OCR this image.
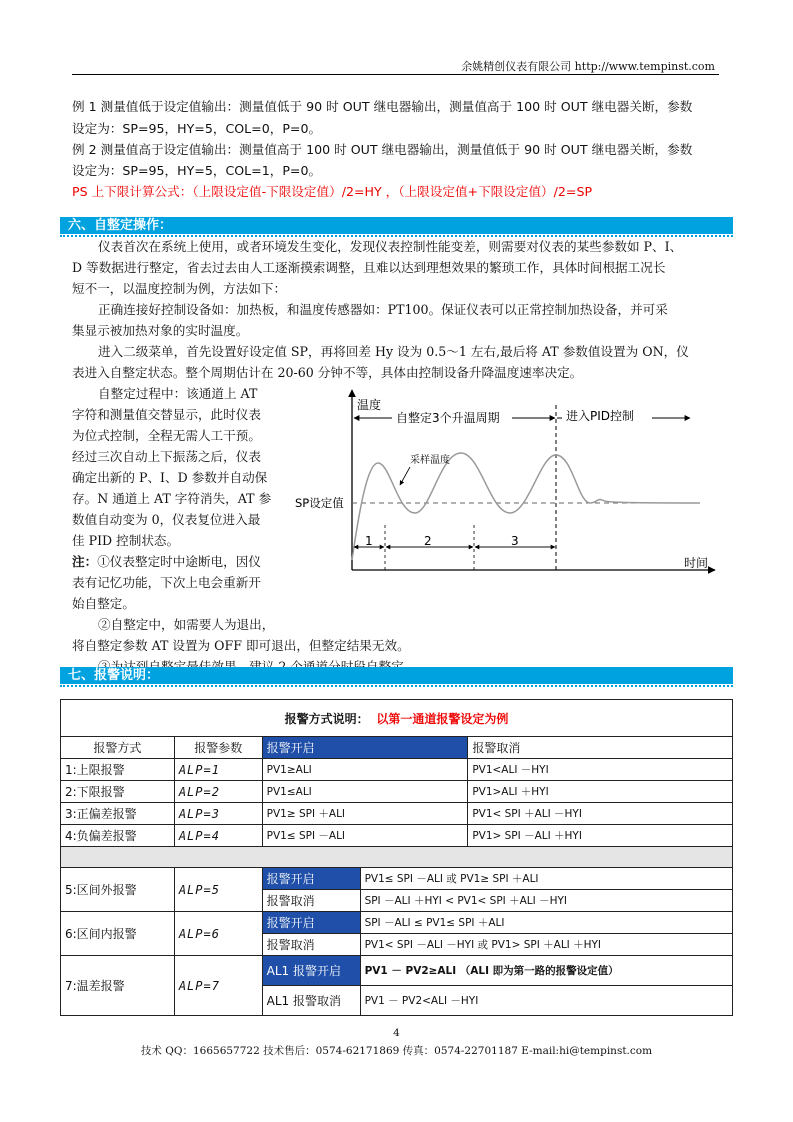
余姚精创仪表有限公司 http://www.tempinst.com
例 1 测量值低于设定值输出：测量值低于 90 时 OUT 继电器输出，测量值高于 100 时 OUT 继电器关断，参数
设定为：SP=95，HY=5，COL=0，P=0。
例 2 测量值高于设定值输出：测量值高于 100 时 OUT 继电器输出，测量值低于 90 时 OUT 继电器关断，参数
设定为：SP=95，HY=5，COL=1，P=0。
PS 上下限计算公式：（上限设定值-下限设定值）/2=HY ，（上限设定值+下限设定值）/2=SP
六、自整定操作：
仪表首次在系统上使用，或者环境发生变化，发现仪表控制性能变差，则需要对仪表的某些参数如 P、I、
D 等数据进行整定，省去过去由人工逐渐摸索调整，且难以达到理想效果的繁琐工作，具体时间根据工况长
短不一，以温度控制为例，方法如下：
正确连接好控制设备如：加热板，和温度传感器如：PT100。保证仪表可以正常控制加热设备，并可采
集显示被加热对象的实时温度。
进入二级菜单，首先设置好设定值 SP，再将回差 Hy 设为 0.5～1 左右,最后将 AT 参数值设置为 ON，仪
表进入自整定状态。整个周期估计在 20-60 分钟不等，具体由控制设备升降温度速率决定。
自整定过程中：该通道上 AT
字符和测量值交替显示，此时仪表
为位式控制，全程无需人工干预。
经过三次自动上下振荡之后，仪表
确定出新的 P、I、D 参数并自动保
存。N 通道上 AT 字符消失，AT 参
数值自动变为 0，仪表复位进入最
佳 PID 控制状态。
注：①仪表整定时中途断电，因仪
表有记忆功能，下次上电会重新开
始自整定。
②自整定中，如需要人为退出，
将自整定参数 AT 设置为 OFF 即可退出，但整定结果无效。
温度
时间
自整定3个升温周期	进入PID控制
SP设定值
采样温度
1	2	3
七、报警说明：
报警方式说明： 以第一通道报警设定为例				
报警方式	报警参数	报警开启		报警取消
1:上限报警	ALP=1	PV1≥ALI		PV1<ALI －HYI
2:下限报警	ALP=2	PV1≤ALI		PV1>ALI ＋HYI
3:正偏差报警	ALP=3	PV1≥ SPI ＋ALI		PV1< SPI ＋ALI －HYI
4:负偏差报警	ALP=4	PV1≤ SPI －ALI		PV1> SPI －ALI ＋HYI

5:区间外报警	ALP=5	报警开启	PV1≤ SPI －ALI 或 PV1≥ SPI ＋ALI	
		报警取消	SPI －ALI ＋HYI < PV1< SPI ＋ALI －HYI	
6:区间内报警	ALP=6	报警开启	SPI －ALI ≤ PV1≤ SPI ＋ALI	
		报警取消	PV1< SPI －ALI －HYI 或 PV1> SPI ＋ALI ＋HYI	
7:温差报警	ALP=7	AL1 报警开启	PV1 － PV2≥ALI （ALI 即为第一路的报警设定值）	
		AL1 报警取消	PV1 － PV2<ALI －HYI	
4
技术 QQ：1665657722 技术售后：0574-62171869 传真：0574-22701187 E-mail:hi@tempinst.com
